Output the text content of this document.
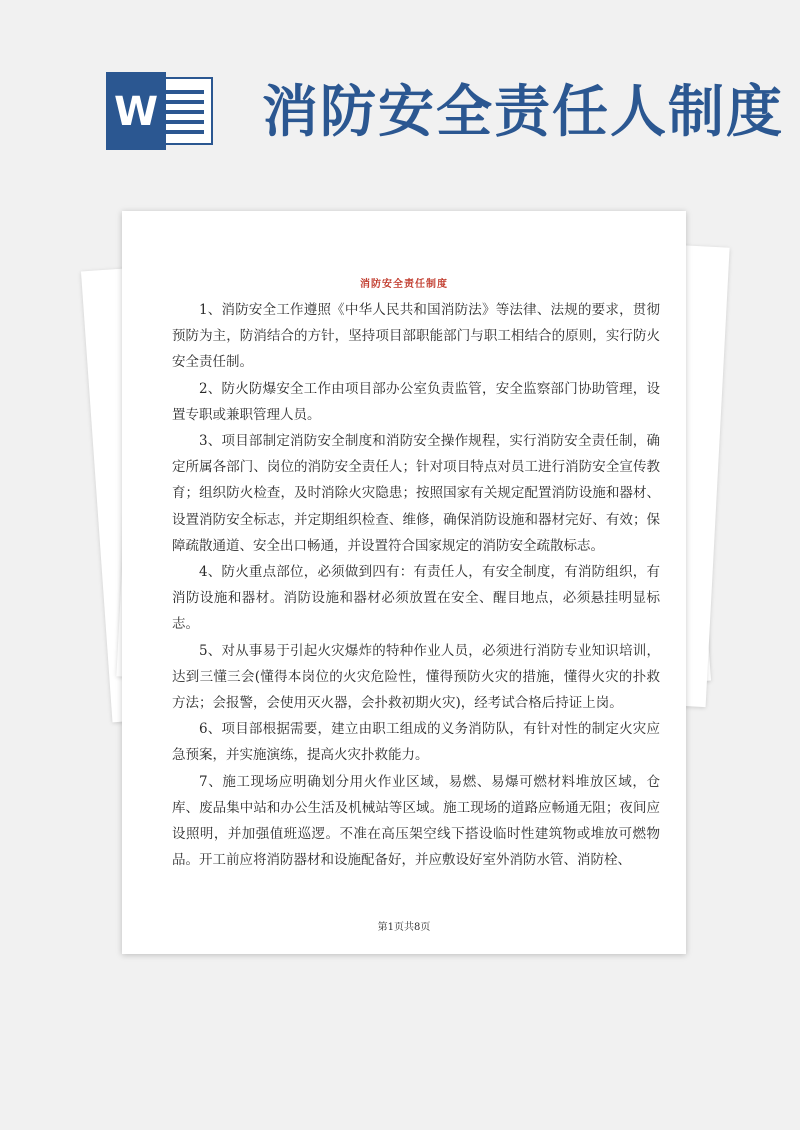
W 消防安全责任人制度
消防安全责任制度

1、消防安全工作遵照《中华人民共和国消防法》等法律、法规的要求，贯彻预防为主，防消结合的方针，坚持项目部职能部门与职工相结合的原则，实行防火安全责任制。

2、防火防爆安全工作由项目部办公室负责监管，安全监察部门协助管理，设置专职或兼职管理人员。

3、项目部制定消防安全制度和消防安全操作规程，实行消防安全责任制，确定所属各部门、岗位的消防安全责任人；针对项目特点对员工进行消防安全宣传教育；组织防火检查，及时消除火灾隐患；按照国家有关规定配置消防设施和器材、设置消防安全标志，并定期组织检查、维修，确保消防设施和器材完好、有效；保障疏散通道、安全出口畅通，并设置符合国家规定的消防安全疏散标志。

4、防火重点部位，必须做到四有：有责任人，有安全制度，有消防组织，有消防设施和器材。消防设施和器材必须放置在安全、醒目地点，必须悬挂明显标志。

5、对从事易于引起火灾爆炸的特种作业人员，必须进行消防专业知识培训，达到三懂三会(懂得本岗位的火灾危险性，懂得预防火灾的措施，懂得火灾的扑救方法；会报警，会使用灭火器，会扑救初期火灾)，经考试合格后持证上岗。

6、项目部根据需要，建立由职工组成的义务消防队，有针对性的制定火灾应急预案，并实施演练，提高火灾扑救能力。

7、施工现场应明确划分用火作业区域，易燃、易爆可燃材料堆放区域，仓库、废品集中站和办公生活及机械站等区域。施工现场的道路应畅通无阻；夜间应设照明，并加强值班巡逻。不准在高压架空线下搭设临时性建筑物或堆放可燃物品。开工前应将消防器材和设施配备好，并应敷设好室外消防水管、消防栓、

第1页共8页
